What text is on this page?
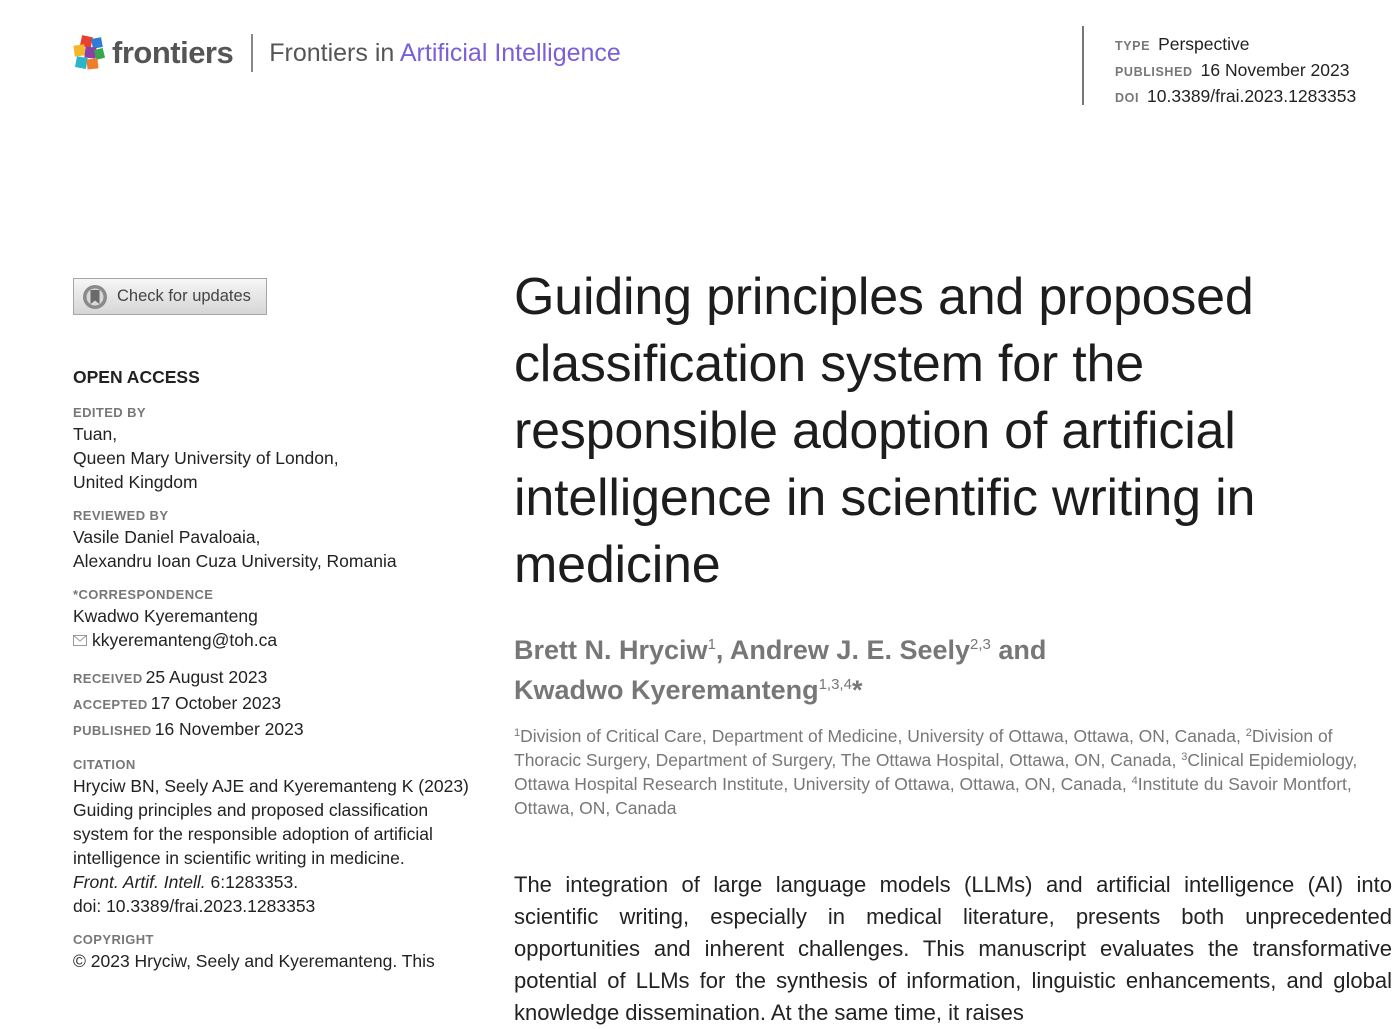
frontiers Frontiers in Artificial Intelligence	TYPE Perspective
PUBLISHED 16 November 2023
DOI 10.3389/frai.2023.1283353
Check for updates
OPEN ACCESS
EDITED BY
Tuan,
Queen Mary University of London,
United Kingdom
REVIEWED BY
Vasile Daniel Pavaloaia,
Alexandru Ioan Cuza University, Romania
*CORRESPONDENCE
Kwadwo Kyeremanteng
kkyeremanteng@toh.ca
RECEIVED 25 August 2023
ACCEPTED 17 October 2023
PUBLISHED 16 November 2023
CITATION
Hryciw BN, Seely AJE and Kyeremanteng K (2023) Guiding principles and proposed classification system for the responsible adoption of artificial intelligence in scientific writing in medicine.
Front. Artif. Intell. 6:1283353.
doi: 10.3389/frai.2023.1283353
COPYRIGHT
© 2023 Hryciw, Seely and Kyeremanteng. This
Guiding principles and proposed classification system for the responsible adoption of artificial intelligence in scientific writing in medicine
Brett N. Hryciw$^1$, Andrew J. E. Seely$^{2,3}$ and
Kwadwo Kyeremanteng$^{1,3,4}$*
$^1$Division of Critical Care, Department of Medicine, University of Ottawa, Ottawa, ON, Canada, $^2$Division of Thoracic Surgery, Department of Surgery, The Ottawa Hospital, Ottawa, ON, Canada, $^3$Clinical Epidemiology, Ottawa Hospital Research Institute, University of Ottawa, Ottawa, ON, Canada, $^4$Institute du Savoir Montfort, Ottawa, ON, Canada
The integration of large language models (LLMs) and artificial intelligence (AI) into scientific writing, especially in medical literature, presents both unprecedented opportunities and inherent challenges. This manuscript evaluates the transformative potential of LLMs for the synthesis of information, linguistic enhancements, and global knowledge dissemination. At the same time, it raises
